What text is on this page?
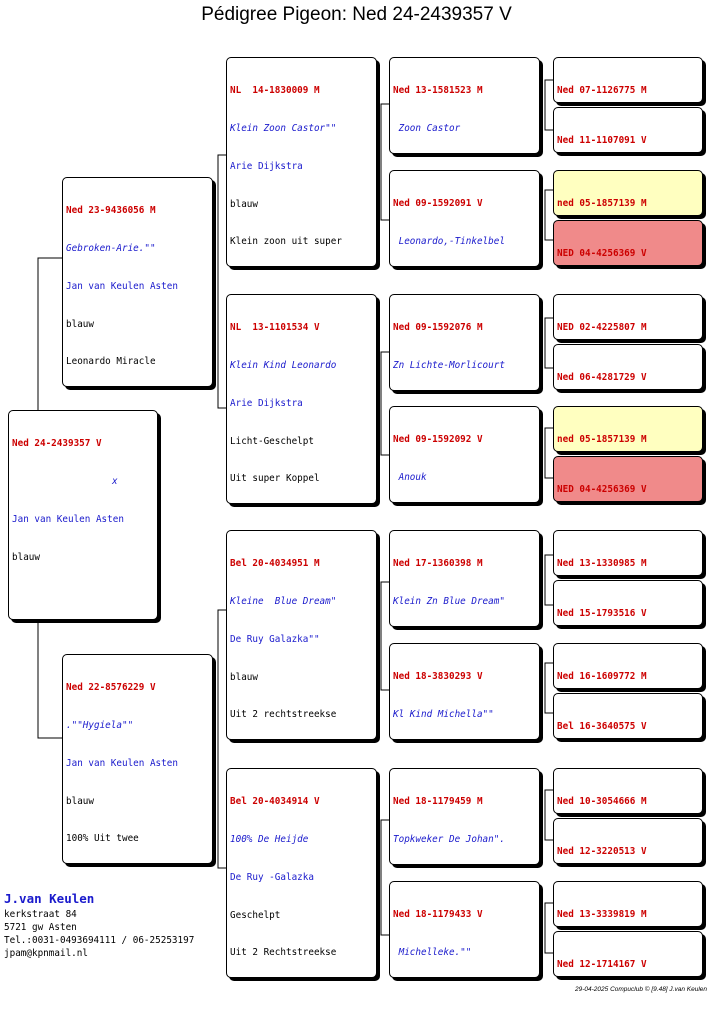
Pédigree Pigeon: Ned 24-2439357 V

Ned 24-2439357 V

x

Jan van Keulen Asten

blauw

Ned 23-9436056 M

Gebroken-Arie.""

Jan van Keulen Asten

blauw

Leonardo Miracle

Ned 22-8576229 V

.""Hygiela""

Jan van Keulen Asten

blauw

100% Uit twee

NL  14-1830009 M

Klein Zoon Castor""

Arie Dijkstra

blauw

Klein zoon uit super

NL  13-1101534 V

Klein Kind Leonardo

Arie Dijkstra

Licht-Geschelpt

Uit super Koppel

Bel 20-4034951 M

Kleine  Blue Dream"

De Ruy Galazka""

blauw

Uit 2 rechtstreekse

Bel 20-4034914 V

100% De Heijde

De Ruy -Galazka

Geschelpt

Uit 2 Rechtstreekse

Ned 13-1581523 M

Zoon Castor

Ned 09-1592091 V

Leonardo,-Tinkelbel

Ned 09-1592076 M

Zn Lichte-Morlicourt

Ned 09-1592092 V

Anouk

Ned 17-1360398 M

Klein Zn Blue Dream"

Ned 18-3830293 V

Kl Kind Michella""

Ned 18-1179459 M

Topkweker De Johan".

Ned 18-1179433 V

Michelleke.""

Ned 07-1126775 M

Ned 11-1107091 V

ned 05-1857139 M

NED 04-4256369 V

NED 02-4225807 M

Ned 06-4281729 V

ned 05-1857139 M

NED 04-4256369 V

Ned 13-1330985 M

Ned 15-1793516 V

Ned 16-1609772 M

Bel 16-3640575 V

Ned 10-3054666 M

Ned 12-3220513 V

Ned 13-3339819 M

Ned 12-1714167 V

J.van Keulen
kerkstraat 84
5721 gw Asten
Tel.:0031-0493694111 / 06-25253197
jpam@kpnmail.nl
29-04-2025 Compuclub © [9.48] J.van Keulen
